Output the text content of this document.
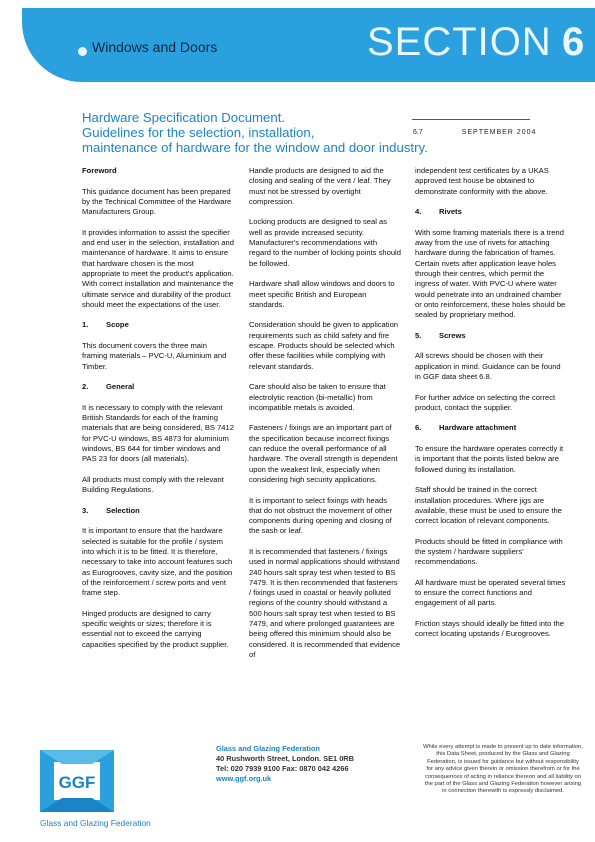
Windows and Doors	SECTION 6
Hardware Specification Document.
Guidelines for the selection, installation,
maintenance of hardware for the window and door industry.
6.7	SEPTEMBER 2004
Foreword

This guidance document has been prepared by the Technical Committee of the Hardware Manufacturers Group.

It provides information to assist the specifier and end user in the selection, installation and maintenance of hardware. It aims to ensure that hardware chosen is the most appropriate to meet the product's application. With correct installation and maintenance the ultimate service and durability of the product should meet the expectations of the user.

1. Scope

This document covers the three main framing materials – PVC-U, Aluminium and Timber.

2. General

It is necessary to comply with the relevant British Standards for each of the framing materials that are being considered, BS 7412 for PVC-U windows, BS 4873 for aluminium windows, BS 644 for timber windows and PAS 23 for doors (all materials).

All products must comply with the relevant Building Regulations.

3. Selection

It is important to ensure that the hardware selected is suitable for the profile / system into which it is to be fitted. It is therefore, necessary to take into account features such as Eurogrooves, cavity size, and the position of the reinforcement / screw ports and vent frame step.

Hinged products are designed to carry specific weights or sizes; therefore it is essential not to exceed the carrying capacities specified by the product supplier.

Handle products are designed to aid the closing and sealing of the vent / leaf. They must not be stressed by overtight compression.

Locking products are designed to seal as well as provide increased security. Manufacturer's recommendations with regard to the number of locking points should be followed.

Hardware shall allow windows and doors to meet specific British and European standards.

Consideration should be given to application requirements such as child safety and fire escape. Products should be selected which offer these facilities while complying with relevant standards.

Care should also be taken to ensure that electrolytic reaction (bi-metallic) from incompatible metals is avoided.

Fasteners / fixings are an important part of the specification because incorrect fixings can reduce the overall performance of all hardware. The overall strength is dependent upon the weakest link, especially when considering high security applications.

It is important to select fixings with heads that do not obstruct the movement of other components during opening and closing of the sash or leaf.

It is recommended that fasteners / fixings used in normal applications should withstand 240 hours salt spray test when tested to BS 7479. It is then recommended that fasteners / fixings used in coastal or heavily polluted regions of the country should withstand a 500 hours salt spray test when tested to BS 7479, and where prolonged guarantees are being offered this minimum should also be considered. It is recommended that evidence of

independent test certificates by a UKAS approved test house be obtained to demonstrate conformity with the above.

4. Rivets

With some framing materials there is a trend away from the use of rivets for attaching hardware during the fabrication of frames. Certain rivets after application leave holes through their centres, which permit the ingress of water. With PVC-U where water would penetrate into an undrained chamber or onto reinforcement, these holes should be sealed by proprietary method.

5. Screws

All screws should be chosen with their application in mind. Guidance can be found in GGF data sheet 6.8.

For further advice on selecting the correct product, contact the supplier.

6. Hardware attachment

To ensure the hardware operates correctly it is important that the points listed below are followed during its installation.

Staff should be trained in the correct installation procedures. Where jigs are available, these must be used to ensure the correct location of relevant components.

Products should be fitted in compliance with the system / hardware suppliers' recommendations.

All hardware must be operated several times to ensure the correct functions and engagement of all parts.

Friction stays should ideally be fitted into the correct locating upstands / Eurogrooves.

GGF
Glass and Glazing Federation
Glass and Glazing Federation
40 Rushworth Street, London. SE1 0RB
Tel: 020 7939 9100 Fax: 0870 042 4266
www.ggf.org.uk
While every attempt is made to present up to date information, this Data Sheet, produced by the Glass and Glazing Federation, is issued for guidance but without responsibility for any advice given therein or omission therefrom or for the consequences of acting in reliance thereon and all liability on the part of the Glass and Glazing Federation however arising in connection therewith is expressly disclaimed.
